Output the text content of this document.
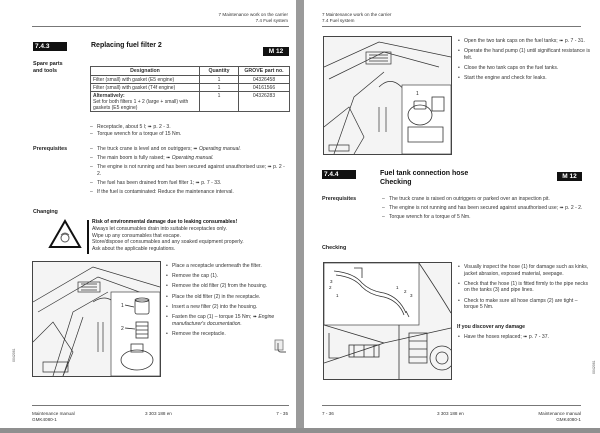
7 Maintenance work on the carrier
7.4 Fuel system
7.4.3	Replacing fuel filter 2
M 12
Spare parts
and tools	Designation	Quantity	GROVE part no.
Filter (small) with gasket (E5 engine)	1	04326458
Filter (small) with gasket (T4f engine)	1	04161566
Alternatively:
Set for both filters 1 + 2 (large + small) with gaskets (E5 engine)	1	04326283
– Receptacle, about 5 l; ➠ p. 2 - 3.
– Torque wrench for a torque of 15 Nm.
Prerequisites	– The truck crane is level and on outriggers; ➠ Operating manual.
– The main boom is fully raised; ➠ Operating manual.
– The engine is not running and has been secured against unauthorised use; ➠ p. 2 - 2.
– The fuel has been drained from fuel filter 1; ➠ p. 7 - 33.
– If the fuel is contaminated: Reduce the maintenance interval.
Changing
Risk of environmental damage due to leaking consumables!
Always let consumables drain into suitable receptacles only.
Wipe up any consumables that escape.
Store/dispose of consumables and any soaked equipment properly.
Ask about the applicable regulations.
1
2
• Place a receptacle underneath the filter.
• Remove the cap (1).
• Remove the old filter (2) from the housing.
• Place the old filter (2) in the receptacle.
• Insert a new filter (2) into the housing.
• Fasten the cap (1) – torque 15 Nm; ➠ Engine manufacturer's documentation.
• Remove the receptacle.
0042061
Maintenance manual
GMK4080-1
3 303 188 en	7 - 35
7 Maintenance work on the carrier
7.4 Fuel system
1
• Open the two tank caps on the fuel tanks; ➠ p. 7 - 31.
• Operate the hand pump (1) until significant resistance is felt.
• Close the two tank caps on the fuel tanks.
• Start the engine and check for leaks.
7.4.4	Fuel tank connection hose
Checking
M 12
Prerequisites	– The truck crane is raised on outriggers or parked over an inspection pit.
– The engine is not running and has been secured against unauthorised use; ➠ p. 2 - 2.
– Torque wrench for a torque of 5 Nm.
Checking
3
2
1
1
2
3
• Visually inspect the hose (1) for damage such as kinks, jacket abrasion, exposed material, seepage.
• Check that the hose (1) is fitted firmly to the pipe necks on the tanks (3) and pipe lines.
• Check to make sure all hose clamps (2) are tight – torque 5 Nm.
If you discover any damage
• Have the hoses replaced; ➠ p. 7 - 37.
0042061
7 - 36	3 303 188 en	Maintenance manual
GMK4080-1
